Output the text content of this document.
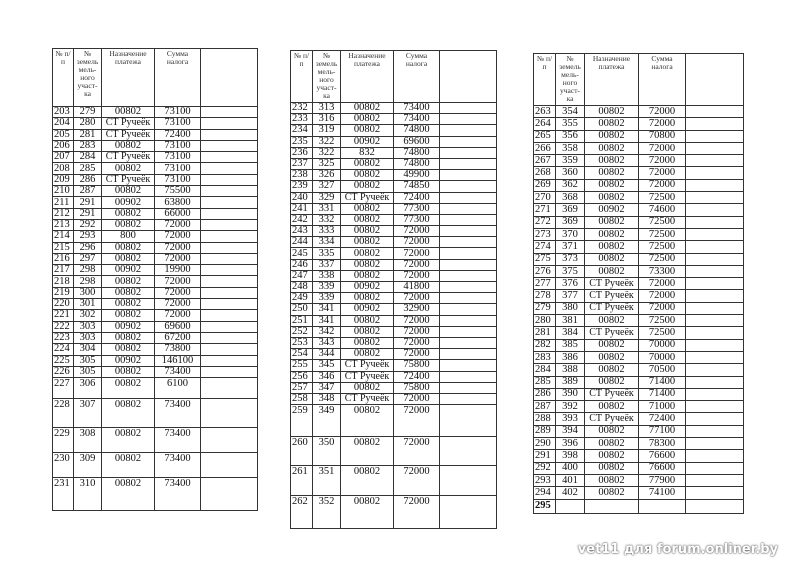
№ п/п	№ земель мель- ного участ- ка	Назначение платежа	Сумма налога	
203	279	00802	73100	
204	280	СТ Ручеёк	73100	
205	281	СТ Ручеёк	72400	
206	283	00802	73100	
207	284	СТ Ручеёк	73100	
208	285	00802	73100	
209	286	СТ Ручеёк	73100	
210	287	00802	75500	
211	291	00902	63800	
212	291	00802	66000	
213	292	00802	72000	
214	293	800	72000	
215	296	00802	72000	
216	297	00802	72000	
217	298	00902	19900	
218	298	00802	72000	
219	300	00802	72000	
220	301	00802	72000	
221	302	00802	72000	
222	303	00902	69600	
223	303	00802	67200	
224	304	00802	73800	
225	305	00902	146100	
226	305	00802	73400	
227	306	00802	6100	
228	307	00802	73400	
229	308	00802	73400	
230	309	00802	73400	
231	310	00802	73400	
№ п/п	№ земель мель- ного участ- ка	Назначение платежа	Сумма налога	
232	313	00802	73400	
233	316	00802	73400	
234	319	00802	74800	
235	322	00902	69600	
236	322	832	74800	
237	325	00802	74800	
238	326	00802	49900	
239	327	00802	74850	
240	329	СТ Ручеёк	72400	
241	331	00802	77300	
242	332	00802	77300	
243	333	00802	72000	
244	334	00802	72000	
245	335	00802	72000	
246	337	00802	72000	
247	338	00802	72000	
248	339	00902	41800	
249	339	00802	72000	
250	341	00902	32900	
251	341	00802	72000	
252	342	00802	72000	
253	343	00802	72000	
254	344	00802	72000	
255	345	СТ Ручеёк	75800	
256	346	СТ Ручеёк	72400	
257	347	00802	75800	
258	348	СТ Ручеёк	72000	
259	349	00802	72000	
260	350	00802	72000	
261	351	00802	72000	
262	352	00802	72000	
№ п/п	№ земель мель- ного участ- ка	Назначение платежа	Сумма налога	
263	354	00802	72000	
264	355	00802	72000	
265	356	00802	70800	
266	358	00802	72000	
267	359	00802	72000	
268	360	00802	72000	
269	362	00802	72000	
270	368	00802	72500	
271	369	00902	74600	
272	369	00802	72500	
273	370	00802	72500	
274	371	00802	72500	
275	373	00802	72500	
276	375	00802	73300	
277	376	СТ Ручеёк	72000	
278	377	СТ Ручеёк	72000	
279	380	СТ Ручеёк	72000	
280	381	00802	72500	
281	384	СТ Ручеёк	72500	
282	385	00802	70000	
283	386	00802	70000	
284	388	00802	70500	
285	389	00802	71400	
286	390	СТ Ручеёк	71400	
287	392	00802	71000	
288	393	СТ Ручеёк	72400	
289	394	00802	77100	
290	396	00802	78300	
291	398	00802	76600	
292	400	00802	76600	
293	401	00802	77900	
294	402	00802	74100	
295				
vet11 для forum.onliner.by
